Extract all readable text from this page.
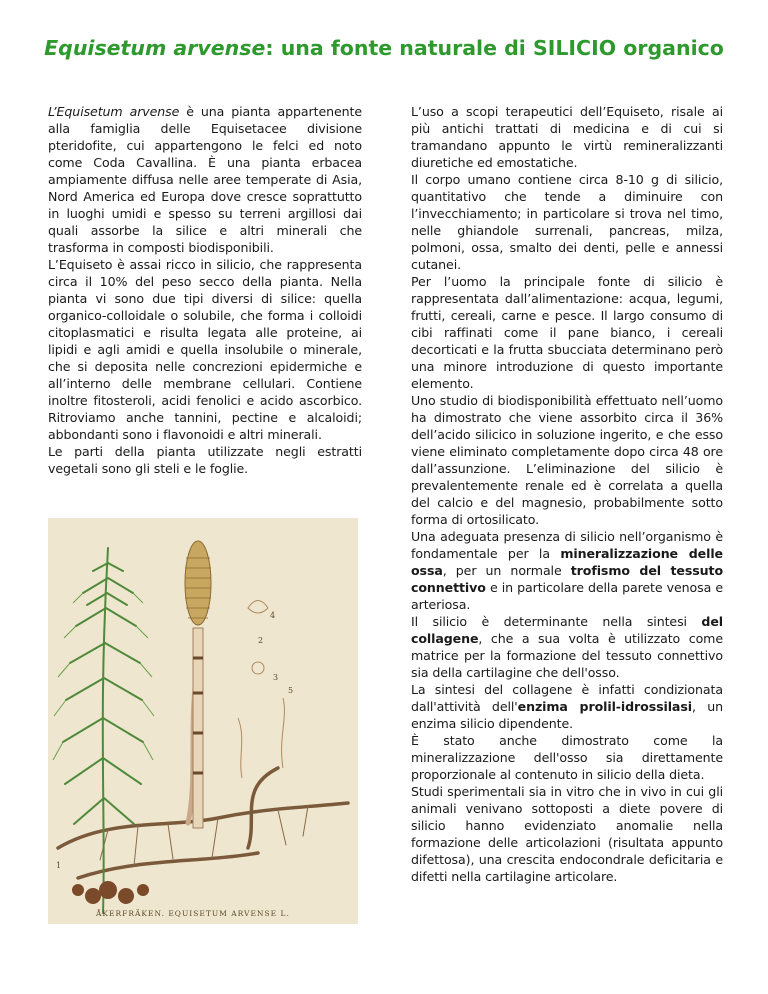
Equisetum arvense: una fonte naturale di SILICIO organico

L’Equisetum arvense è una pianta appartenente alla famiglia delle Equisetacee divisione pteridofite, cui appartengono le felci ed noto come Coda Cavallina. È una pianta erbacea ampiamente diffusa nelle aree temperate di Asia, Nord America ed Europa dove cresce soprattutto in luoghi umidi e spesso su terreni argillosi dai quali assorbe la silice e altri minerali che trasforma in composti biodisponibili.

L’Equiseto è assai ricco in silicio, che rappresenta circa il 10% del peso secco della pianta. Nella pianta vi sono due tipi diversi di silice: quella organico-colloidale o solubile, che forma i colloidi citoplasmatici e risulta legata alle proteine, ai lipidi e agli amidi e quella insolubile o minerale, che si deposita nelle concrezioni epidermiche e all’interno delle membrane cellulari. Contiene inoltre fitosteroli, acidi fenolici e acido ascorbico. Ritroviamo anche tannini, pectine e alcaloidi; abbondanti sono i flavonoidi e altri minerali.

Le parti della pianta utilizzate negli estratti vegetali sono gli steli e le foglie.

1
2
3
4
5
ÅKERFRÄKEN. EQUISETUM ARVENSE L.

L’uso a scopi terapeutici dell’Equiseto, risale ai più antichi trattati di medicina e di cui si tramandano appunto le virtù remineralizzanti diuretiche ed emostatiche.

Il corpo umano contiene circa 8-10 g di silicio, quantitativo che tende a diminuire con l’invecchiamento; in particolare si trova nel timo, nelle ghiandole surrenali, pancreas, milza, polmoni, ossa, smalto dei denti, pelle e annessi cutanei.

Per l’uomo la principale fonte di silicio è rappresentata dall’alimentazione: acqua, legumi, frutti, cereali, carne e pesce. Il largo consumo di cibi raffinati come il pane bianco, i cereali decorticati e la frutta sbucciata determinano però una minore introduzione di questo importante elemento.

Uno studio di biodisponibilità effettuato nell’uomo ha dimostrato che viene assorbito circa il 36% dell’acido silicico in soluzione ingerito, e che esso viene eliminato completamente dopo circa 48 ore dall’assunzione. L’eliminazione del silicio è prevalentemente renale ed è correlata a quella del calcio e del magnesio, probabilmente sotto forma di ortosilicato.

Una adeguata presenza di silicio nell’organismo è fondamentale per la mineralizzazione delle ossa, per un normale trofismo del tessuto connettivo e in particolare della parete venosa e arteriosa.

Il silicio è determinante nella sintesi del collagene, che a sua volta è utilizzato come matrice per la formazione del tessuto connettivo sia della cartilagine che dell'osso.

La sintesi del collagene è infatti condizionata dall'attività dell'enzima prolil-idrossilasi, un enzima silicio dipendente.

È stato anche dimostrato come la mineralizzazione dell'osso sia direttamente proporzionale al contenuto in silicio della dieta.

Studi sperimentali sia in vitro che in vivo in cui gli animali venivano sottoposti a diete povere di silicio hanno evidenziato anomalie nella formazione delle articolazioni (risultata appunto difettosa), una crescita endocondrale deficitaria e difetti nella cartilagine articolare.
